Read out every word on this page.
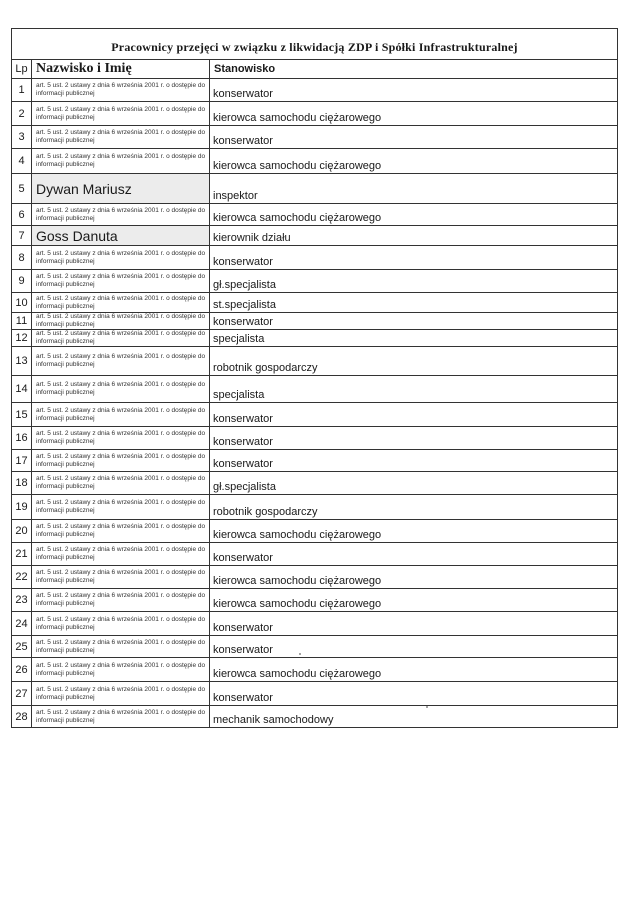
Pracownicy przejęci w związku z likwidacją ZDP i Spółki Infrastrukturalnej		
Lp	Nazwisko i Imię	Stanowisko
1	art. 5 ust. 2 ustawy z dnia 6 września 2001 r. o dostępie do informacji publicznej	konserwator
2	art. 5 ust. 2 ustawy z dnia 6 września 2001 r. o dostępie do informacji publicznej	kierowca samochodu ciężarowego
3	art. 5 ust. 2 ustawy z dnia 6 września 2001 r. o dostępie do informacji publicznej	konserwator
4	art. 5 ust. 2 ustawy z dnia 6 września 2001 r. o dostępie do informacji publicznej	kierowca samochodu ciężarowego
5	Dywan Mariusz	inspektor
6	art. 5 ust. 2 ustawy z dnia 6 września 2001 r. o dostępie do informacji publicznej	kierowca samochodu ciężarowego
7	Goss Danuta	kierownik działu
8	art. 5 ust. 2 ustawy z dnia 6 września 2001 r. o dostępie do informacji publicznej	konserwator
9	art. 5 ust. 2 ustawy z dnia 6 września 2001 r. o dostępie do informacji publicznej	gł.specjalista
10	art. 5 ust. 2 ustawy z dnia 6 września 2001 r. o dostępie do informacji publicznej	st.specjalista
11	art. 5 ust. 2 ustawy z dnia 6 września 2001 r. o dostępie do informacji publicznej	konserwator
12	art. 5 ust. 2 ustawy z dnia 6 września 2001 r. o dostępie do informacji publicznej	specjalista
13	art. 5 ust. 2 ustawy z dnia 6 września 2001 r. o dostępie do informacji publicznej	robotnik gospodarczy
14	art. 5 ust. 2 ustawy z dnia 6 września 2001 r. o dostępie do informacji publicznej	specjalista
15	art. 5 ust. 2 ustawy z dnia 6 września 2001 r. o dostępie do informacji publicznej	konserwator
16	art. 5 ust. 2 ustawy z dnia 6 września 2001 r. o dostępie do informacji publicznej	konserwator
17	art. 5 ust. 2 ustawy z dnia 6 września 2001 r. o dostępie do informacji publicznej	konserwator
18	art. 5 ust. 2 ustawy z dnia 6 września 2001 r. o dostępie do informacji publicznej	gł.specjalista
19	art. 5 ust. 2 ustawy z dnia 6 września 2001 r. o dostępie do informacji publicznej	robotnik gospodarczy
20	art. 5 ust. 2 ustawy z dnia 6 września 2001 r. o dostępie do informacji publicznej	kierowca samochodu ciężarowego
21	art. 5 ust. 2 ustawy z dnia 6 września 2001 r. o dostępie do informacji publicznej	konserwator
22	art. 5 ust. 2 ustawy z dnia 6 września 2001 r. o dostępie do informacji publicznej	kierowca samochodu ciężarowego
23	art. 5 ust. 2 ustawy z dnia 6 września 2001 r. o dostępie do informacji publicznej	kierowca samochodu ciężarowego
24	art. 5 ust. 2 ustawy z dnia 6 września 2001 r. o dostępie do informacji publicznej	konserwator
25	art. 5 ust. 2 ustawy z dnia 6 września 2001 r. o dostępie do informacji publicznej	konserwator
26	art. 5 ust. 2 ustawy z dnia 6 września 2001 r. o dostępie do informacji publicznej	kierowca samochodu ciężarowego
27	art. 5 ust. 2 ustawy z dnia 6 września 2001 r. o dostępie do informacji publicznej	konserwator
28	art. 5 ust. 2 ustawy z dnia 6 września 2001 r. o dostępie do informacji publicznej	mechanik samochodowy
